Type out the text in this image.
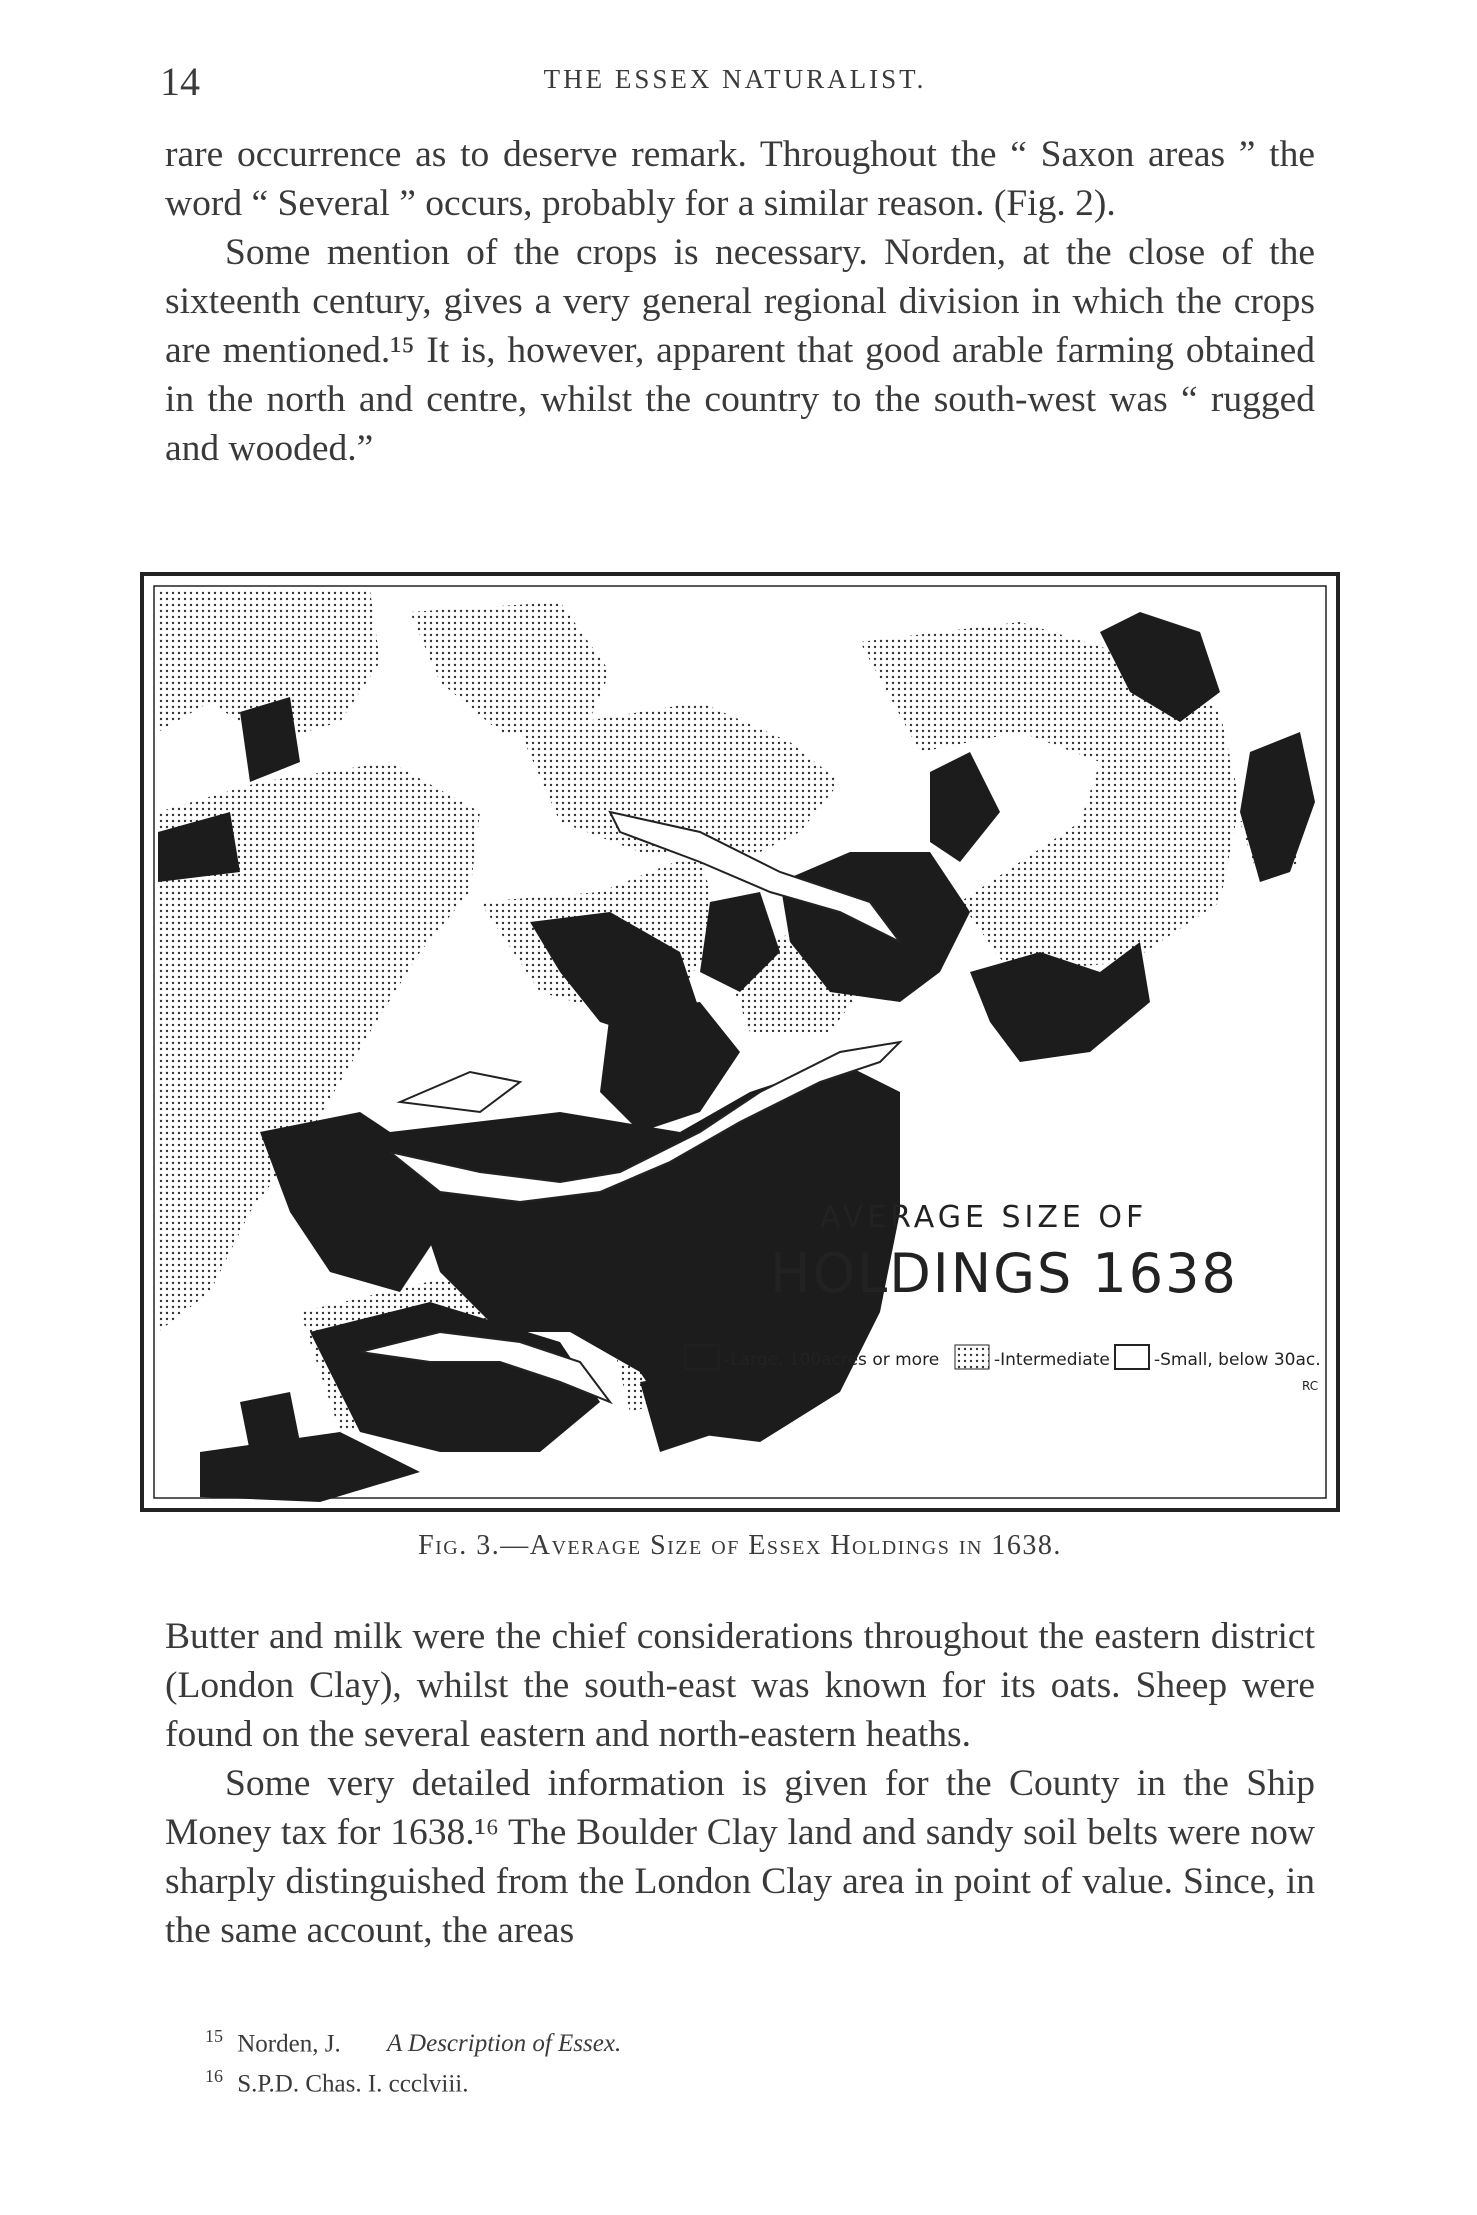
14	THE ESSEX NATURALIST.

rare occurrence as to deserve remark. Throughout the “ Saxon areas ” the word “ Several ” occurs, probably for a similar reason. (Fig. 2).

Some mention of the crops is necessary. Norden, at the close of the sixteenth century, gives a very general regional division in which the crops are mentioned.¹⁵ It is, however, apparent that good arable farming obtained in the north and centre, whilst the country to the south-west was “ rugged and wooded.”

AVERAGE SIZE OF
HOLDINGS 1638
-Large, 100acres or more	-Intermediate	-Small, below 30ac.
RC
Fig. 3.—Average Size of Essex Holdings in 1638.

Butter and milk were the chief considerations throughout the eastern district (London Clay), whilst the south-east was known for its oats. Sheep were found on the several eastern and north-eastern heaths.

Some very detailed information is given for the County in the Ship Money tax for 1638.¹⁶ The Boulder Clay land and sandy soil belts were now sharply distinguished from the London Clay area in point of value. Since, in the same account, the areas

$^{15}$ Norden, J. A Description of Essex.
$^{16}$ S.P.D. Chas. I. ccclviii.
